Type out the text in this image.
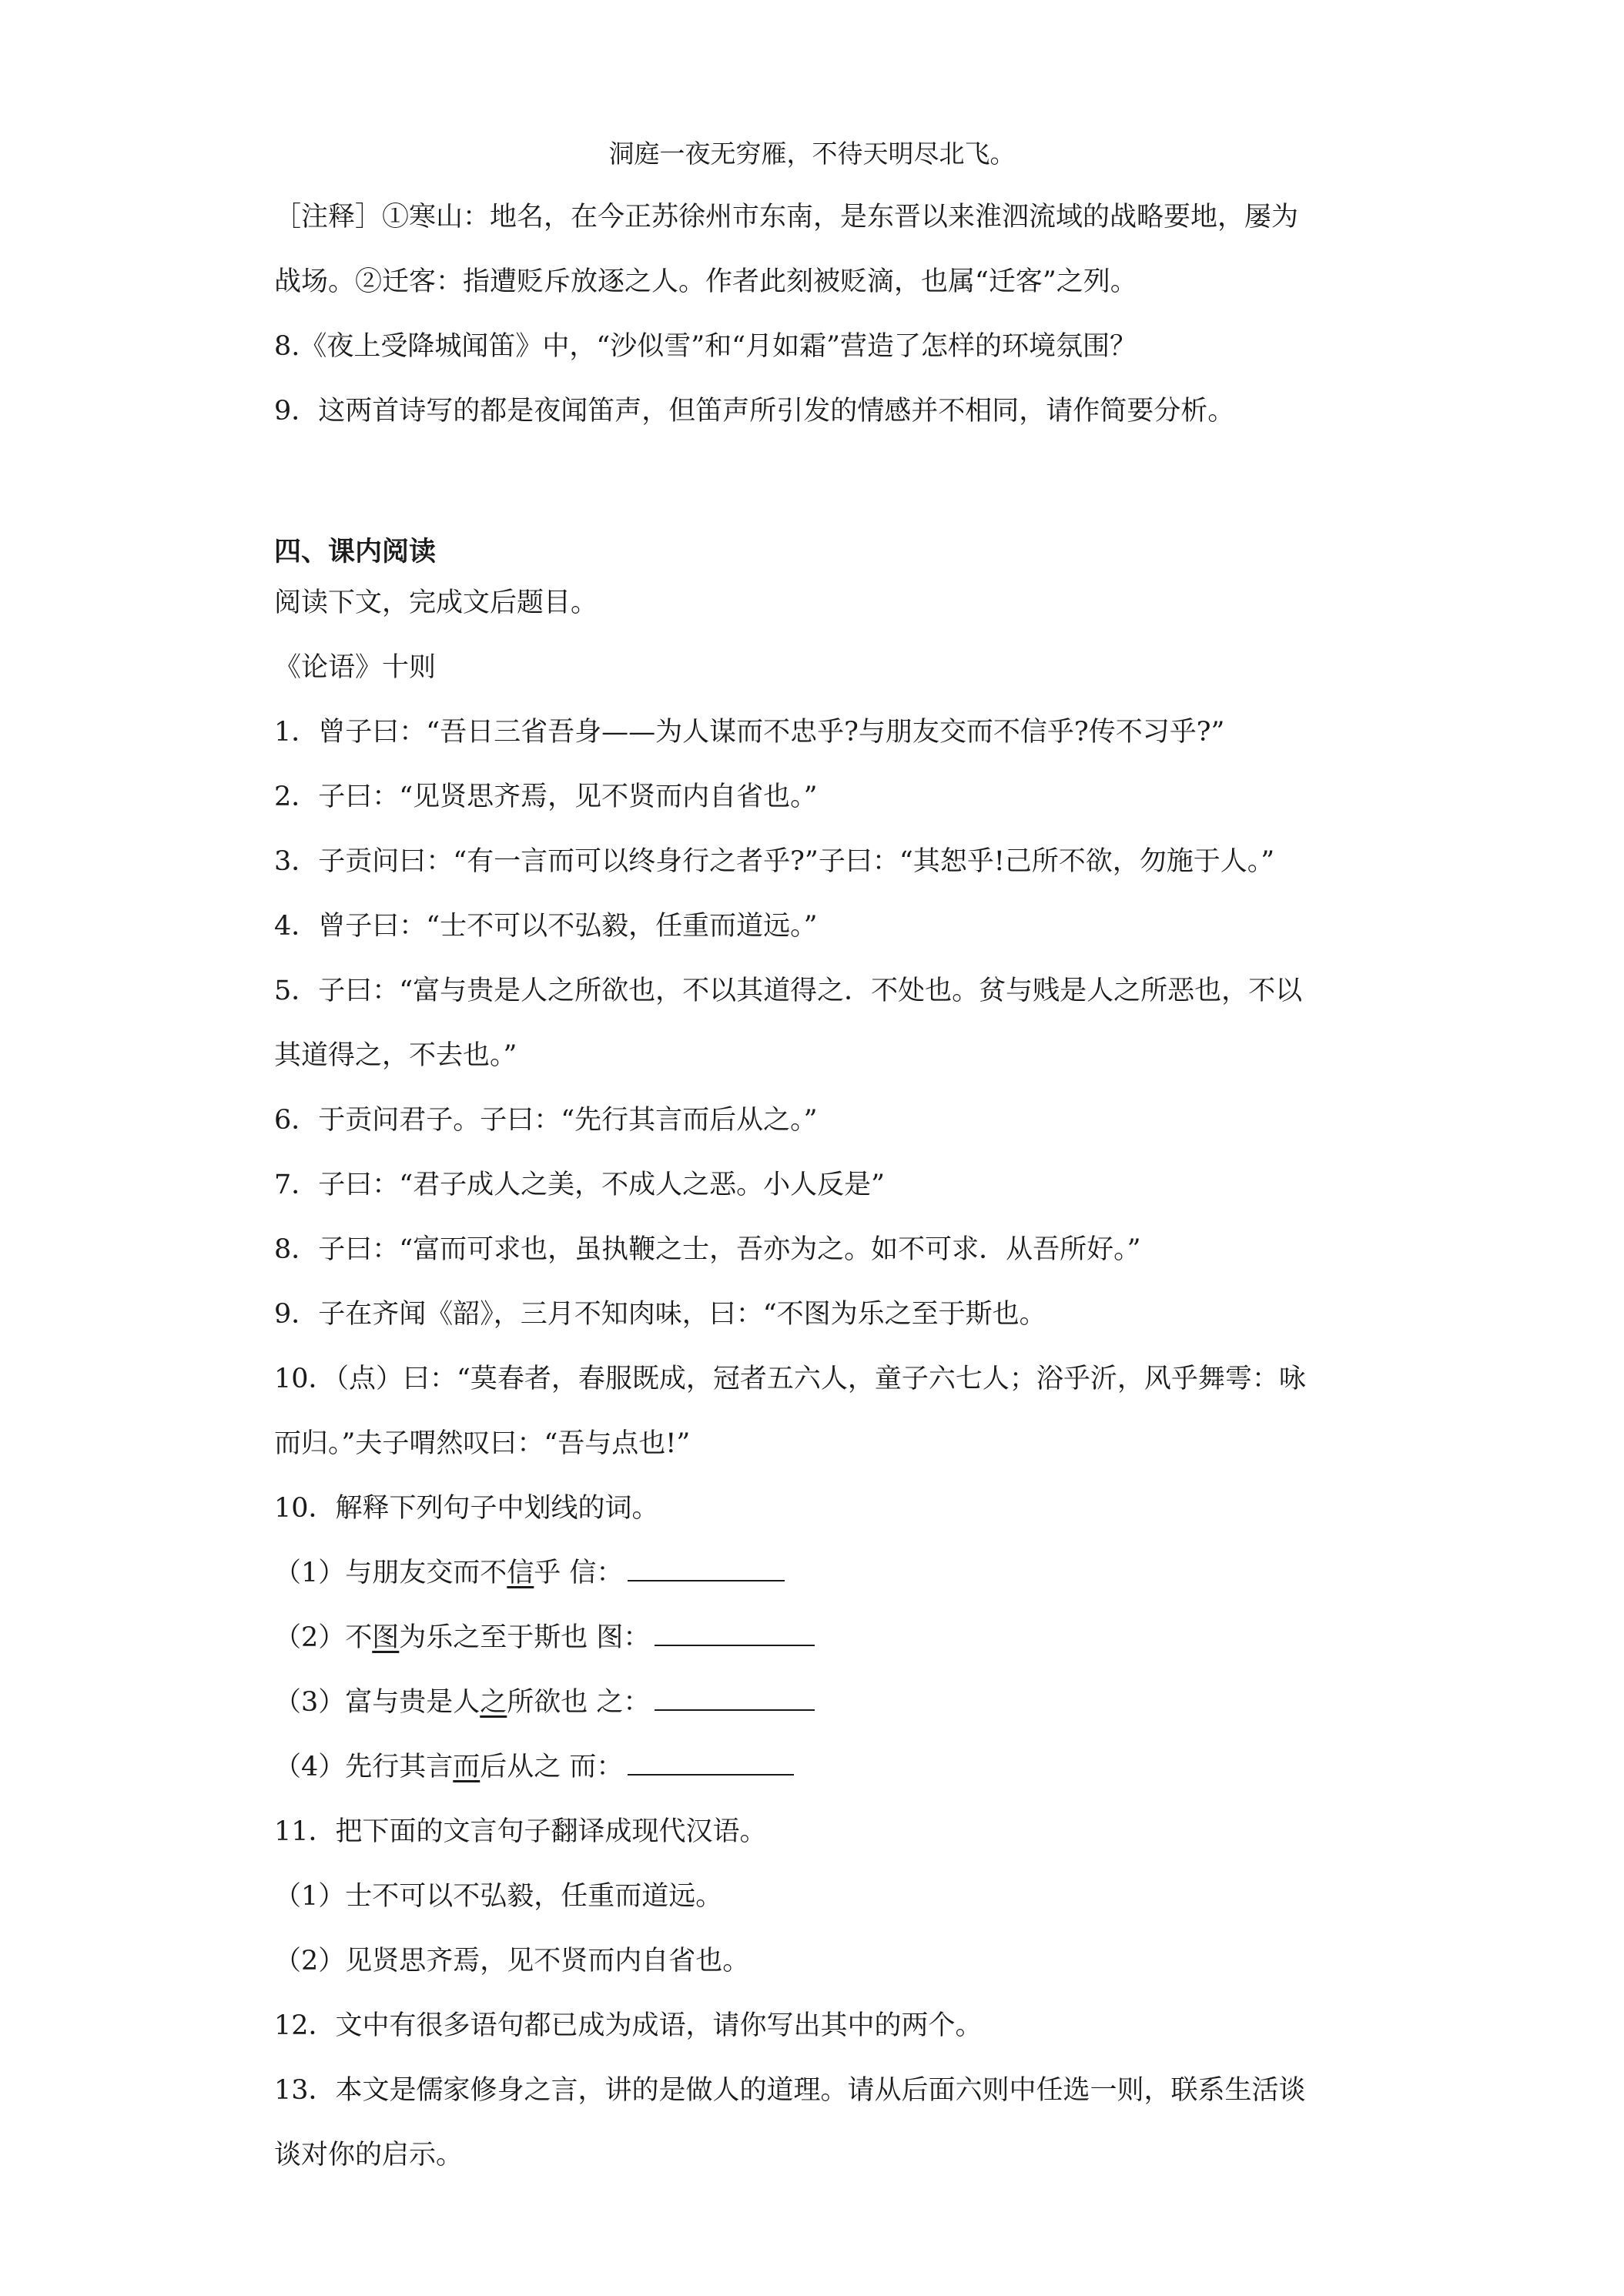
洞庭一夜无穷雁，不待天明尽北飞。
［注释］①寒山：地名，在今正苏徐州市东南，是东晋以来淮泗流域的战略要地，屡为
战场。②迁客：指遭贬斥放逐之人。作者此刻被贬滴，也属“迁客”之列。
8.《夜上受降城闻笛》中，“沙似雪”和“月如霜”营造了怎样的环境氛围？
9．这两首诗写的都是夜闻笛声，但笛声所引发的情感并不相同，请作简要分析。
四、课内阅读
阅读下文，完成文后题目。
《论语》十则
1．曾子曰：“吾日三省吾身——为人谋而不忠乎?与朋友交而不信乎?传不习乎?”
2．子曰：“见贤思齐焉，见不贤而内自省也。”
3．子贡问曰：“有一言而可以终身行之者乎?”子曰：“其恕乎!己所不欲，勿施于人。”
4．曾子曰：“士不可以不弘毅，任重而道远。”
5．子曰：“富与贵是人之所欲也，不以其道得之．不处也。贫与贱是人之所恶也，不以
其道得之，不去也。”
6．于贡问君子。子曰：“先行其言而后从之。”
7．子曰：“君子成人之美，不成人之恶。小人反是”
8．子曰：“富而可求也，虽执鞭之士，吾亦为之。如不可求．从吾所好。”
9．子在齐闻《韶》，三月不知肉味，曰：“不图为乐之至于斯也。
10．（点）曰：“莫春者，春服既成，冠者五六人，童子六七人；浴乎沂，风乎舞雩：咏
而归。”夫子喟然叹曰：“吾与点也!”
10．解释下列句子中划线的词。
（1）与朋友交而不信乎 信：
（2）不图为乐之至于斯也 图：
（3）富与贵是人之所欲也 之：
（4）先行其言而后从之 而：
11．把下面的文言句子翻译成现代汉语。
（1）士不可以不弘毅，任重而道远。
（2）见贤思齐焉，见不贤而内自省也。
12．文中有很多语句都已成为成语，请你写出其中的两个。
13．本文是儒家修身之言，讲的是做人的道理。请从后面六则中任选一则，联系生活谈
谈对你的启示。
